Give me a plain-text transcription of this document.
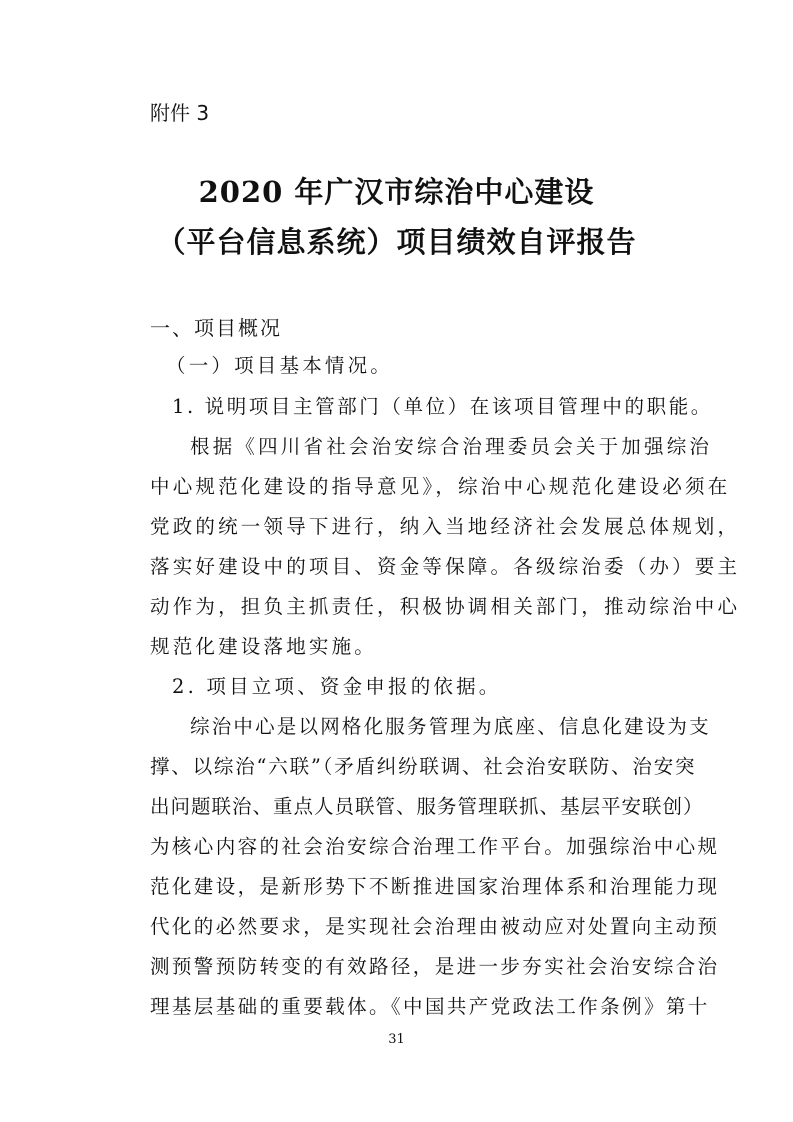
附件 3
2020 年广汉市综治中心建设
（平台信息系统）项目绩效自评报告
一、项目概况
（一）项目基本情况。
1. 说明项目主管部门（单位）在该项目管理中的职能。
根据《四川省社会治安综合治理委员会关于加强综治
中心规范化建设的指导意见》，综治中心规范化建设必须在
党政的统一领导下进行，纳入当地经济社会发展总体规划，
落实好建设中的项目、资金等保障。各级综治委（办）要主
动作为，担负主抓责任，积极协调相关部门，推动综治中心
规范化建设落地实施。
2. 项目立项、资金申报的依据。
综治中心是以网格化服务管理为底座、信息化建设为支
撑、以综治“六联”（矛盾纠纷联调、社会治安联防、治安突
出问题联治、重点人员联管、服务管理联抓、基层平安联创）
为核心内容的社会治安综合治理工作平台。加强综治中心规
范化建设，是新形势下不断推进国家治理体系和治理能力现
代化的必然要求，是实现社会治理由被动应对处置向主动预
测预警预防转变的有效路径，是进一步夯实社会治安综合治
理基层基础的重要载体。《中国共产党政法工作条例》第十
31
